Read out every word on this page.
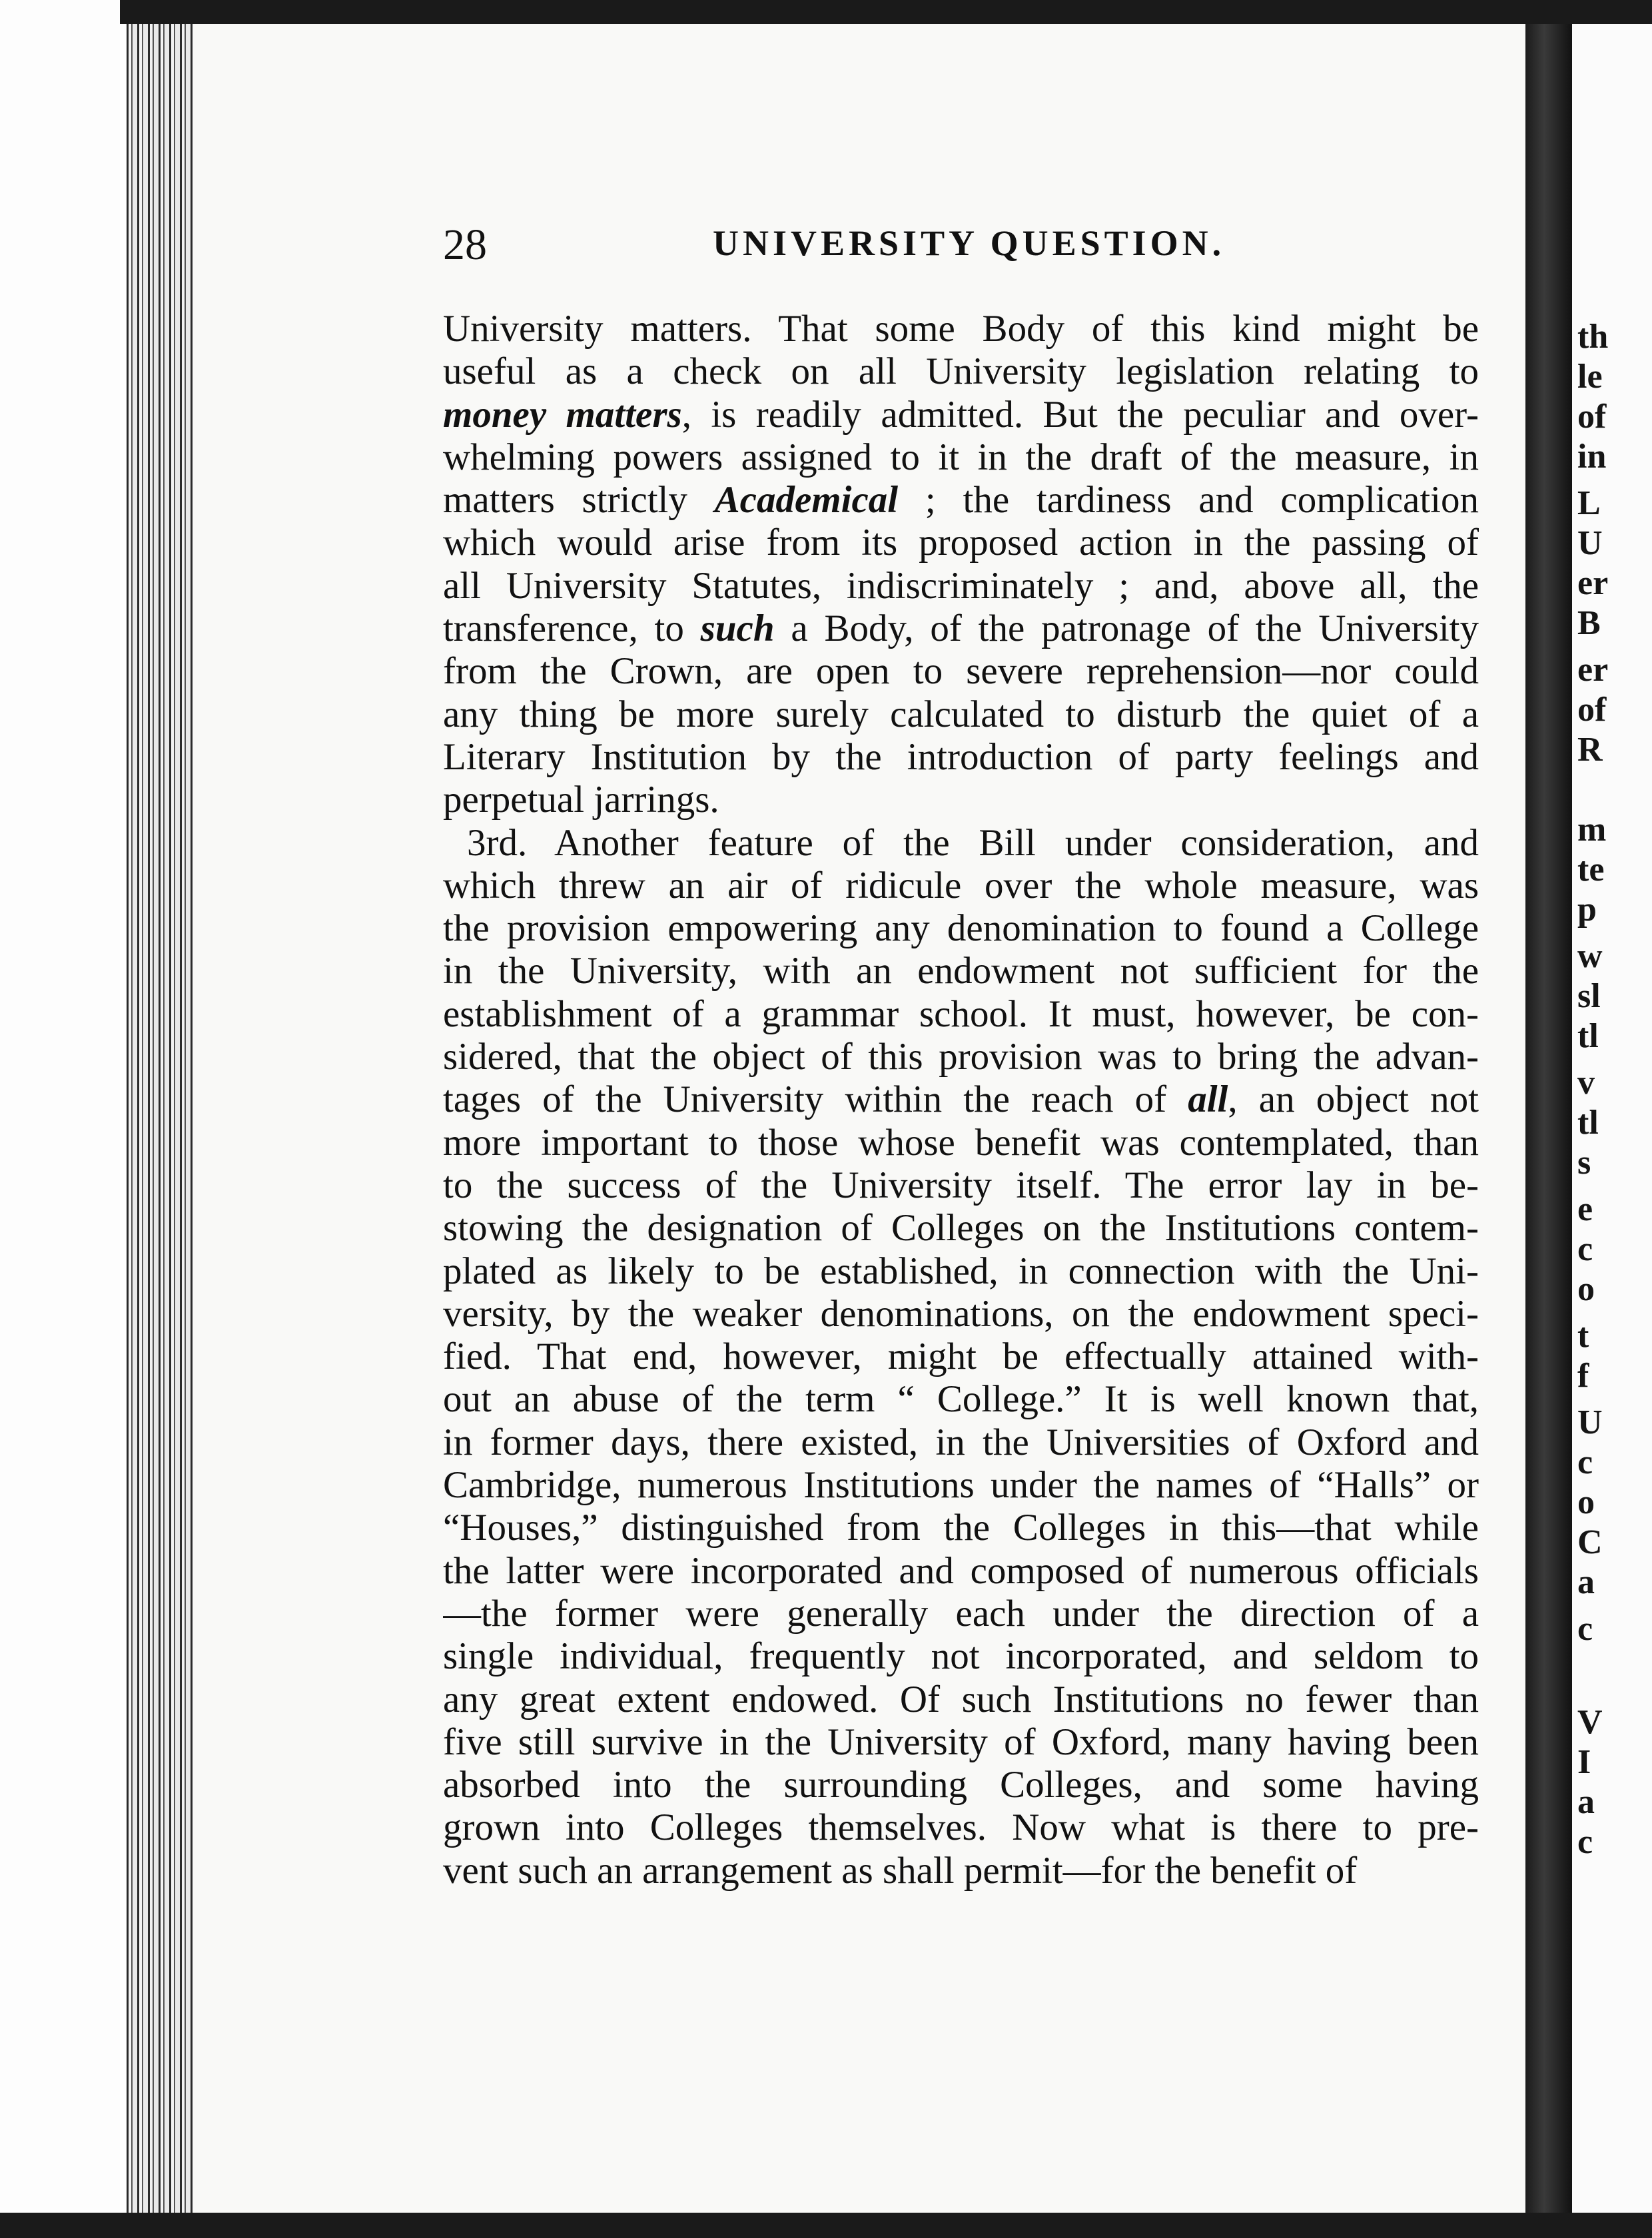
28	UNIVERSITY QUESTION.
University matters. That some Body of this kind might be
useful as a check on all University legislation relating to
money matters, is readily admitted. But the peculiar and over-
whelming powers assigned to it in the draft of the measure, in
matters strictly Academical ; the tardiness and complication
which would arise from its proposed action in the passing of
all University Statutes, indiscriminately ; and, above all, the
transference, to such a Body, of the patronage of the University
from the Crown, are open to severe reprehension—nor could
any thing be more surely calculated to disturb the quiet of a
Literary Institution by the introduction of party feelings and
perpetual jarrings.
3rd. Another feature of the Bill under consideration, and
which threw an air of ridicule over the whole measure, was
the provision empowering any denomination to found a College
in the University, with an endowment not sufficient for the
establishment of a grammar school. It must, however, be con-
sidered, that the object of this provision was to bring the advan-
tages of the University within the reach of all, an object not
more important to those whose benefit was contemplated, than
to the success of the University itself. The error lay in be-
stowing the designation of Colleges on the Institutions contem-
plated as likely to be established, in connection with the Uni-
versity, by the weaker denominations, on the endowment speci-
fied. That end, however, might be effectually attained with-
out an abuse of the term “ College.” It is well known that,
in former days, there existed, in the Universities of Oxford and
Cambridge, numerous Institutions under the names of “Halls” or
“Houses,” distinguished from the Colleges in this—that while
the latter were incorporated and composed of numerous officials
—the former were generally each under the direction of a
single individual, frequently not incorporated, and seldom to
any great extent endowed. Of such Institutions no fewer than
five still survive in the University of Oxford, many having been
absorbed into the surrounding Colleges, and some having
grown into Colleges themselves. Now what is there to pre-
vent such an arrangement as shall permit—for the benefit of
th
le
of
in
L
U
er
B
er
of
R
m
te
p
w
sl
tl
v
tl
s
e
c
o
t
f
U
c
o
C
a
c
V
I
a
c
